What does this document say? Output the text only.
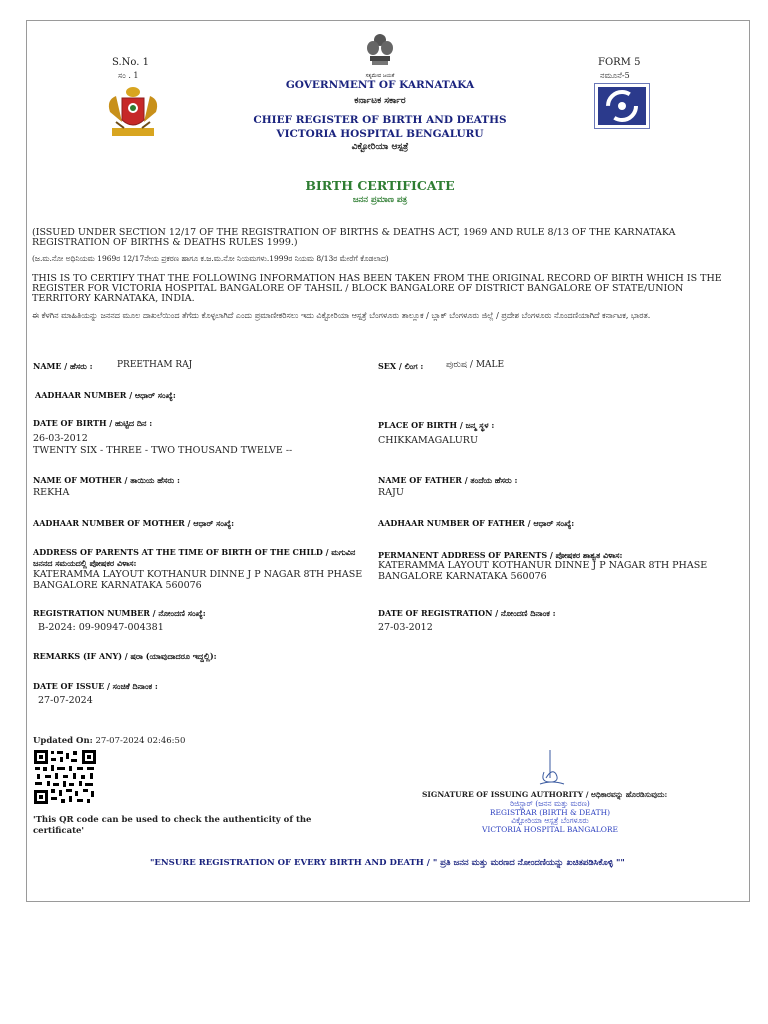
S.No. 1
ಸಂ . 1	ಸತ್ಯಮೇವ ಜಯತೆ
GOVERNMENT OF KARNATAKA
ಕರ್ನಾಟಕ ಸರ್ಕಾರ
CHIEF REGISTER OF BIRTH AND DEATHS
VICTORIA HOSPITAL BENGALURU
ವಿಕ್ಟೋರಿಯಾ ಆಸ್ಪತ್ರೆ
FORM 5
ನಮೂನೆ-5
BIRTH CERTIFICATE
ಜನನ ಪ್ರಮಾಣ ಪತ್ರ
(ISSUED UNDER SECTION 12/17 OF THE REGISTRATION OF BIRTHS & DEATHS ACT, 1969 AND RULE 8/13 OF THE KARNATAKA REGISTRATION OF BIRTHS & DEATHS RULES 1999.)
(ಜ.ಮ.ನೋ ಅಧಿನಿಯಮ 1969ರ 12/17ನೇಯ ಪ್ರಕರಣ ಹಾಗೂ ಕ.ಜ.ಮ.ನೋ ನಿಯಮಗಳು.1999ರ ನಿಯಮ 8/13ರ ಮೇರೆಗೆ ಕೊಡಲಾದ)
THIS IS TO CERTIFY THAT THE FOLLOWING INFORMATION HAS BEEN TAKEN FROM THE ORIGINAL RECORD OF BIRTH WHICH IS THE REGISTER FOR VICTORIA HOSPITAL BANGALORE OF TAHSIL / BLOCK BANGALORE OF DISTRICT BANGALORE OF STATE/UNION TERRITORY KARNATAKA, INDIA.
ಈ ಕೆಳಗಿನ ಮಾಹಿತಿಯನ್ನು ಜನನದ ಮೂಲ ದಾಖಲೆಯಿಂದ ತೆಗೆದು ಕೊಳ್ಳಲಾಗಿದೆ ಎಂದು ಪ್ರಮಾಣೀಕರಿಸಲು ಇದು ವಿಕ್ಟೋರಿಯಾ ಆಸ್ಪತ್ರೆ ಬೆಂಗಳೂರು ತಾಲ್ಲೂಕ / ಬ್ಲಾಕ್ ಬೆಂಗಳೂರು ಜಿಲ್ಲೆ / ಪ್ರದೇಶ ಬೆಂಗಳೂರು ನೊಂದಣಿಯಾಗಿದೆ ಕರ್ನಾಟಕ, ಭಾರತ.
NAME / ಹೆಸರು :	PREETHAM RAJ	SEX / ಲಿಂಗ :	ಪುರುಷ / MALE
AADHAAR NUMBER / ಆಧಾರ್ ಸಂಖ್ಯೆ:
DATE OF BIRTH / ಹುಟ್ಟಿದ ದಿನ :
26-03-2012
TWENTY SIX - THREE - TWO THOUSAND TWELVE --
PLACE OF BIRTH / ಜನ್ಮ ಸ್ಥಳ :
CHIKKAMAGALURU
NAME OF MOTHER / ತಾಯಿಯ ಹೆಸರು :
REKHA
NAME OF FATHER / ತಂದೆಯ ಹೆಸರು :
RAJU
AADHAAR NUMBER OF MOTHER / ಆಧಾರ್ ಸಂಖ್ಯೆ:	AADHAAR NUMBER OF FATHER / ಆಧಾರ್ ಸಂಖ್ಯೆ:
ADDRESS OF PARENTS AT THE TIME OF BIRTH OF THE CHILD / ಮಗುವಿನ ಜನನದ ಸಮಯದಲ್ಲಿ ಪೋಷಕರ ವಿಳಾಸ:
KATERAMMA LAYOUT KOTHANUR DINNE J P NAGAR 8TH PHASE BANGALORE KARNATAKA 560076
PERMANENT ADDRESS OF PARENTS / ಪೋಷಕರ ಶಾಶ್ವತ ವಿಳಾಸ:
KATERAMMA LAYOUT KOTHANUR DINNE J P NAGAR 8TH PHASE BANGALORE KARNATAKA 560076
REGISTRATION NUMBER / ನೋಂದಣಿ ಸಂಖ್ಯೆ:
B-2024: 09-90947-004381
DATE OF REGISTRATION / ನೋಂದಣಿ ದಿನಾಂಕ :
27-03-2012
REMARKS (IF ANY) / ಷರಾ (ಯಾವುದಾದರೂ ಇದ್ದಲ್ಲಿ):
DATE OF ISSUE / ಸಂಚಿಕೆ ದಿನಾಂಕ :
27-07-2024
Updated On: 27-07-2024 02:46:50
'This QR code can be used to check the authenticity of the certificate'
SIGNATURE OF ISSUING AUTHORITY / ಅಧಿಕಾರವನ್ನು ಹೊರಡಿಸುವುದು:
ರಿಜಿಸ್ಟ್ರಾರ್ (ಜನನ ಮತ್ತು ಮರಣ)
REGISTRAR (BIRTH & DEATH)
ವಿಕ್ಟೋರಿಯಾ ಆಸ್ಪತ್ರೆ ಬೆಂಗಳೂರು
VICTORIA HOSPITAL BANGALORE
"ENSURE REGISTRATION OF EVERY BIRTH AND DEATH / " ಪ್ರತಿ ಜನನ ಮತ್ತು ಮರಣದ ನೋಂದಣಿಯನ್ನು ಖಚಿತಪಡಿಸಿಕೊಳ್ಳಿ ""
